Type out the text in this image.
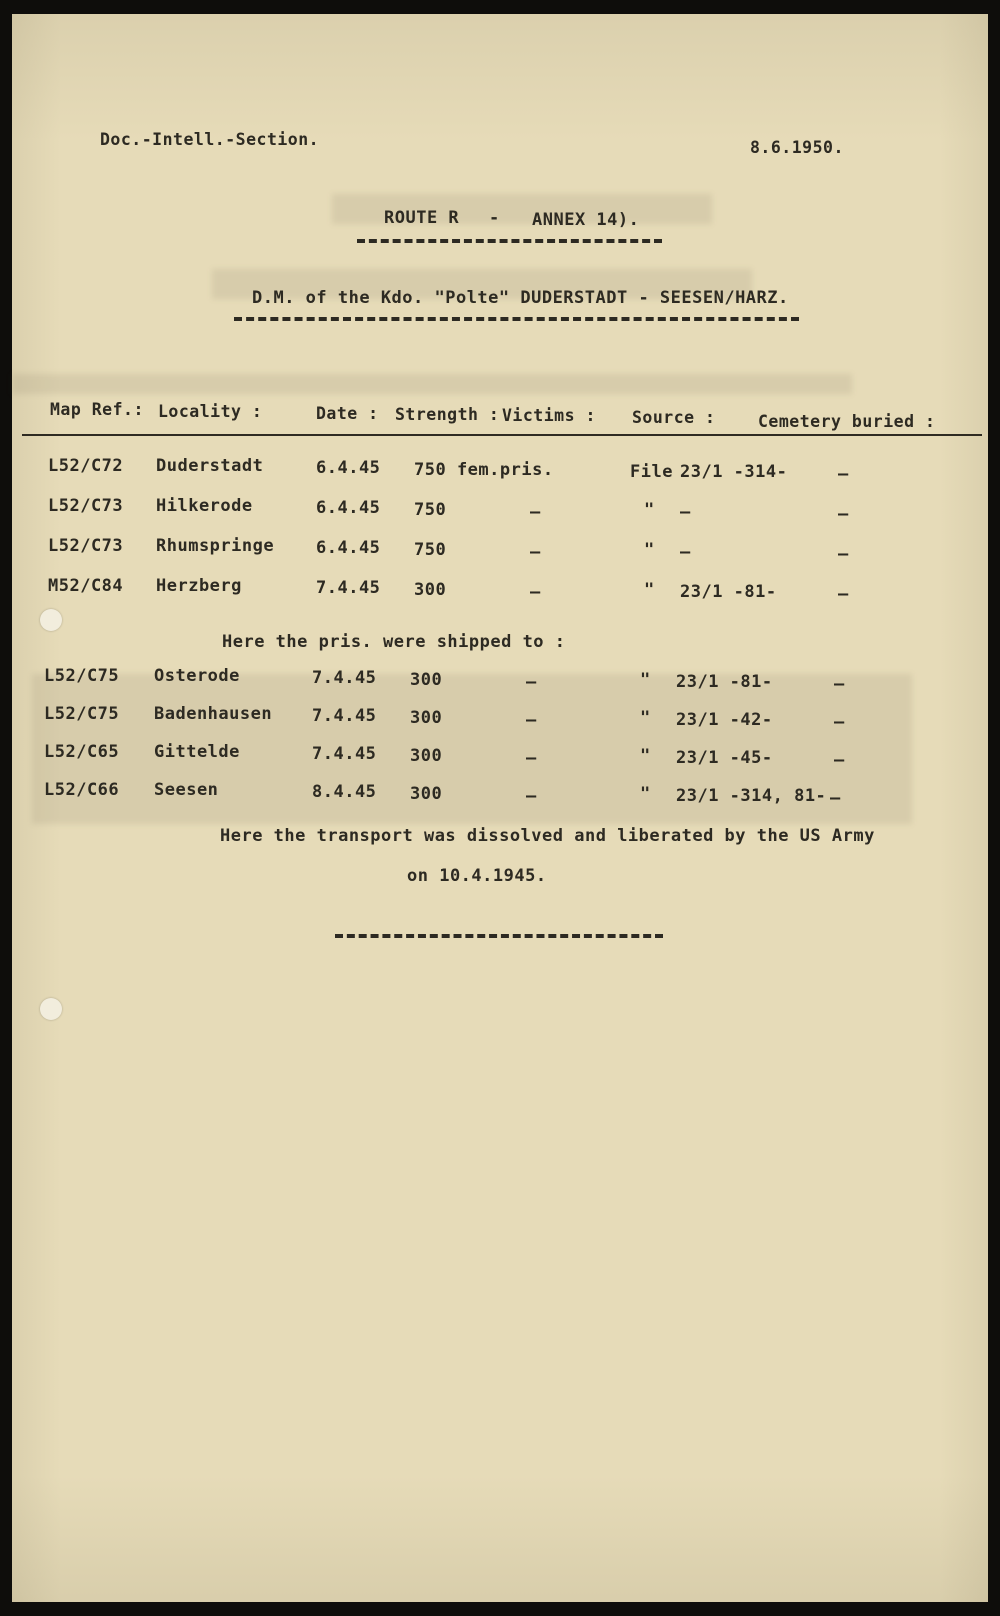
Doc.-Intell.-Section.	8.6.1950.
ROUTE R - ANNEX 14).
D.M. of the Kdo. "Polte" DUDERSTADT - SEESEN/HARZ.
Map Ref.: Locality :	Date : Strength : Victims : Source :	Cemetery buried :
L52/C72 Duderstadt	6.4.45 750 fem.pris.	File 23/1 -314-	—
L52/C73 Hilkerode	6.4.45 750	—	" —	—
L52/C73 Rhumspringe 6.4.45 750	—	" —	—
M52/C84 Herzberg	7.4.45 300	—	" 23/1 -81-	—
Here the pris. were shipped to :
L52/C75 Osterode	7.4.45 300	—	" 23/1 -81-	—
L52/C75 Badenhausen 7.4.45 300	—	" 23/1 -42-	—
L52/C65 Gittelde	7.4.45 300	—	" 23/1 -45-	—
L52/C66 Seesen	8.4.45 300	—	" 23/1 -314, 81- —
Here the transport was dissolved and liberated by the US Army
on 10.4.1945.
